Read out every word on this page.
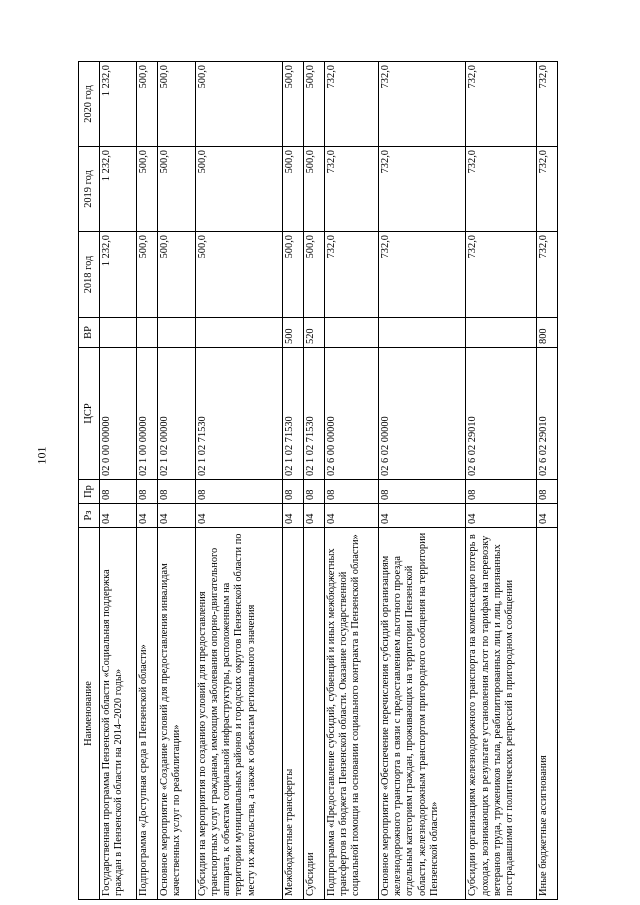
101
Наименование	Рз	Пр	ЦСР	ВР	2018 год	2019 год	2020 год
Государственная программа Пензенской области «Социальная поддержка граждан в Пензенской области на 2014–2020 годы»	04	08	02 0 00 00000		1 232,0	1 232,0	1 232,0
Подпрограмма «Доступная среда в Пензенской области»	04	08	02 1 00 00000		500,0	500,0	500,0
Основное мероприятие «Создание условий для предоставления инвалидам качественных услуг по реабилитации»	04	08	02 1 02 00000		500,0	500,0	500,0
Субсидии на мероприятия по созданию условий для предоставления транспортных услуг гражданам, имеющим заболевания опорно-двигательного аппарата, к объектам социальной инфраструктуры, расположенным на территории муниципальных районов и городских округов Пензенской области по месту их жительства, а также к объектам регионального значения	04	08	02 1 02 71530		500,0	500,0	500,0
Межбюджетные трансферты	04	08	02 1 02 71530	500	500,0	500,0	500,0
Субсидии	04	08	02 1 02 71530	520	500,0	500,0	500,0
Подпрограмма «Предоставление субсидий, субвенций и иных межбюджетных трансфертов из бюджета Пензенской области. Оказание государственной социальной помощи на основании социального контракта в Пензенской области»	04	08	02 6 00 00000		732,0	732,0	732,0
Основное мероприятие «Обеспечение перечисления субсидий организациям железнодорожного транспорта в связи с предоставлением льготного проезда отдельным категориям граждан, проживающих на территории Пензенской области, железнодорожным транспортом пригородного сообщения на территории Пензенской области»	04	08	02 6 02 00000		732,0	732,0	732,0
Субсидии организациям железнодорожного транспорта на компенсацию потерь в доходах, возникающих в результате установления льгот по тарифам на перевозку ветеранов труда, тружеников тыла, реабилитированных лиц и лиц, признанных пострадавшими от политических репрессий в пригородном сообщении	04	08	02 6 02 29010		732,0	732,0	732,0
Иные бюджетные ассигнования	04	08	02 6 02 29010	800	732,0	732,0	732,0
